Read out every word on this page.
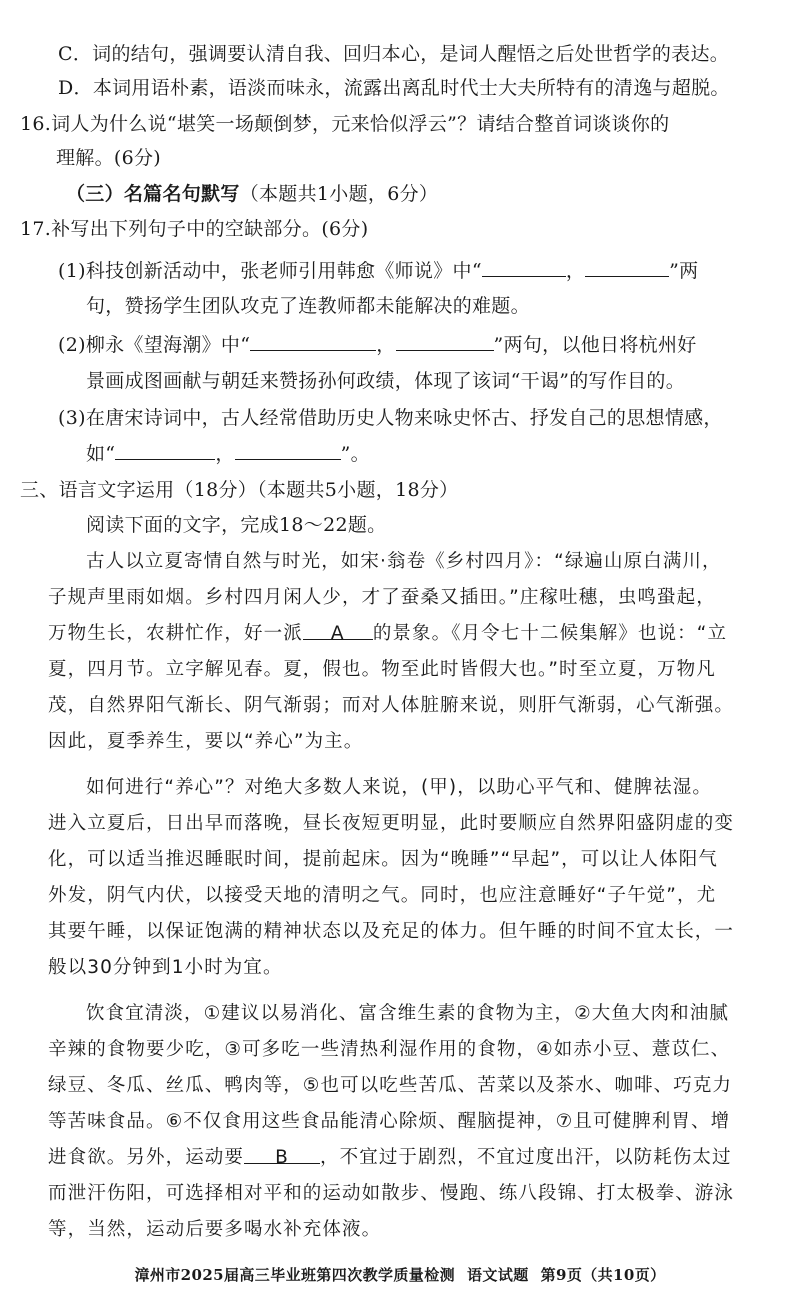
C．词的结句，强调要认清自我、回归本心，是词人醒悟之后处世哲学的表达。
D．本词用语朴素，语淡而味永，流露出离乱时代士大夫所特有的清逸与超脱。
16.词人为什么说“堪笑一场颠倒梦，元来恰似浮云”？请结合整首词谈谈你的
理解。(6分)
（三）名篇名句默写（本题共1小题，6分）
17.补写出下列句子中的空缺部分。(6分)
(1)科技创新活动中，张老师引用韩愈《师说》中“	，	”两
句，赞扬学生团队攻克了连教师都未能解决的难题。
(2)柳永《望海潮》中“	，	”两句，以他日将杭州好
景画成图画献与朝廷来赞扬孙何政绩，体现了该词“干谒”的写作目的。
(3)在唐宋诗词中，古人经常借助历史人物来咏史怀古、抒发自己的思想情感，
如“	，	”。
三、语言文字运用（18分）（本题共5小题，18分）
阅读下面的文字，完成18～22题。
古人以立夏寄情自然与时光，如宋·翁卷《乡村四月》：“绿遍山原白满川，
子规声里雨如烟。乡村四月闲人少，才了蚕桑又插田。”庄稼吐穗，虫鸣蛩起，
万物生长，农耕忙作，好一派 A 的景象。《月令七十二候集解》也说：“立
夏，四月节。立字解见春。夏，假也。物至此时皆假大也。”时至立夏，万物凡
茂，自然界阳气渐长、阴气渐弱；而对人体脏腑来说，则肝气渐弱，心气渐强。
因此，夏季养生，要以“养心”为主。
如何进行“养心”？对绝大多数人来说，(甲)，以助心平气和、健脾祛湿。
进入立夏后，日出早而落晚，昼长夜短更明显，此时要顺应自然界阳盛阴虚的变
化，可以适当推迟睡眠时间，提前起床。因为“晚睡”“早起”，可以让人体阳气
外发，阴气内伏，以接受天地的清明之气。同时，也应注意睡好“子午觉”，尤
其要午睡，以保证饱满的精神状态以及充足的体力。但午睡的时间不宜太长，一
般以30分钟到1小时为宜。
饮食宜清淡，①建议以易消化、富含维生素的食物为主，②大鱼大肉和油腻
辛辣的食物要少吃，③可多吃一些清热利湿作用的食物，④如赤小豆、薏苡仁、
绿豆、冬瓜、丝瓜、鸭肉等，⑤也可以吃些苦瓜、苦菜以及茶水、咖啡、巧克力
等苦味食品。⑥不仅食用这些食品能清心除烦、醒脑提神，⑦且可健脾利胃、增
进食欲。另外，运动要 B ，不宜过于剧烈，不宜过度出汗，以防耗伤太过
而泄汗伤阳，可选择相对平和的运动如散步、慢跑、练八段锦、打太极拳、游泳
等，当然，运动后要多喝水补充体液。
漳州市2025届高三毕业班第四次教学质量检测 语文试题 第9页（共10页）
